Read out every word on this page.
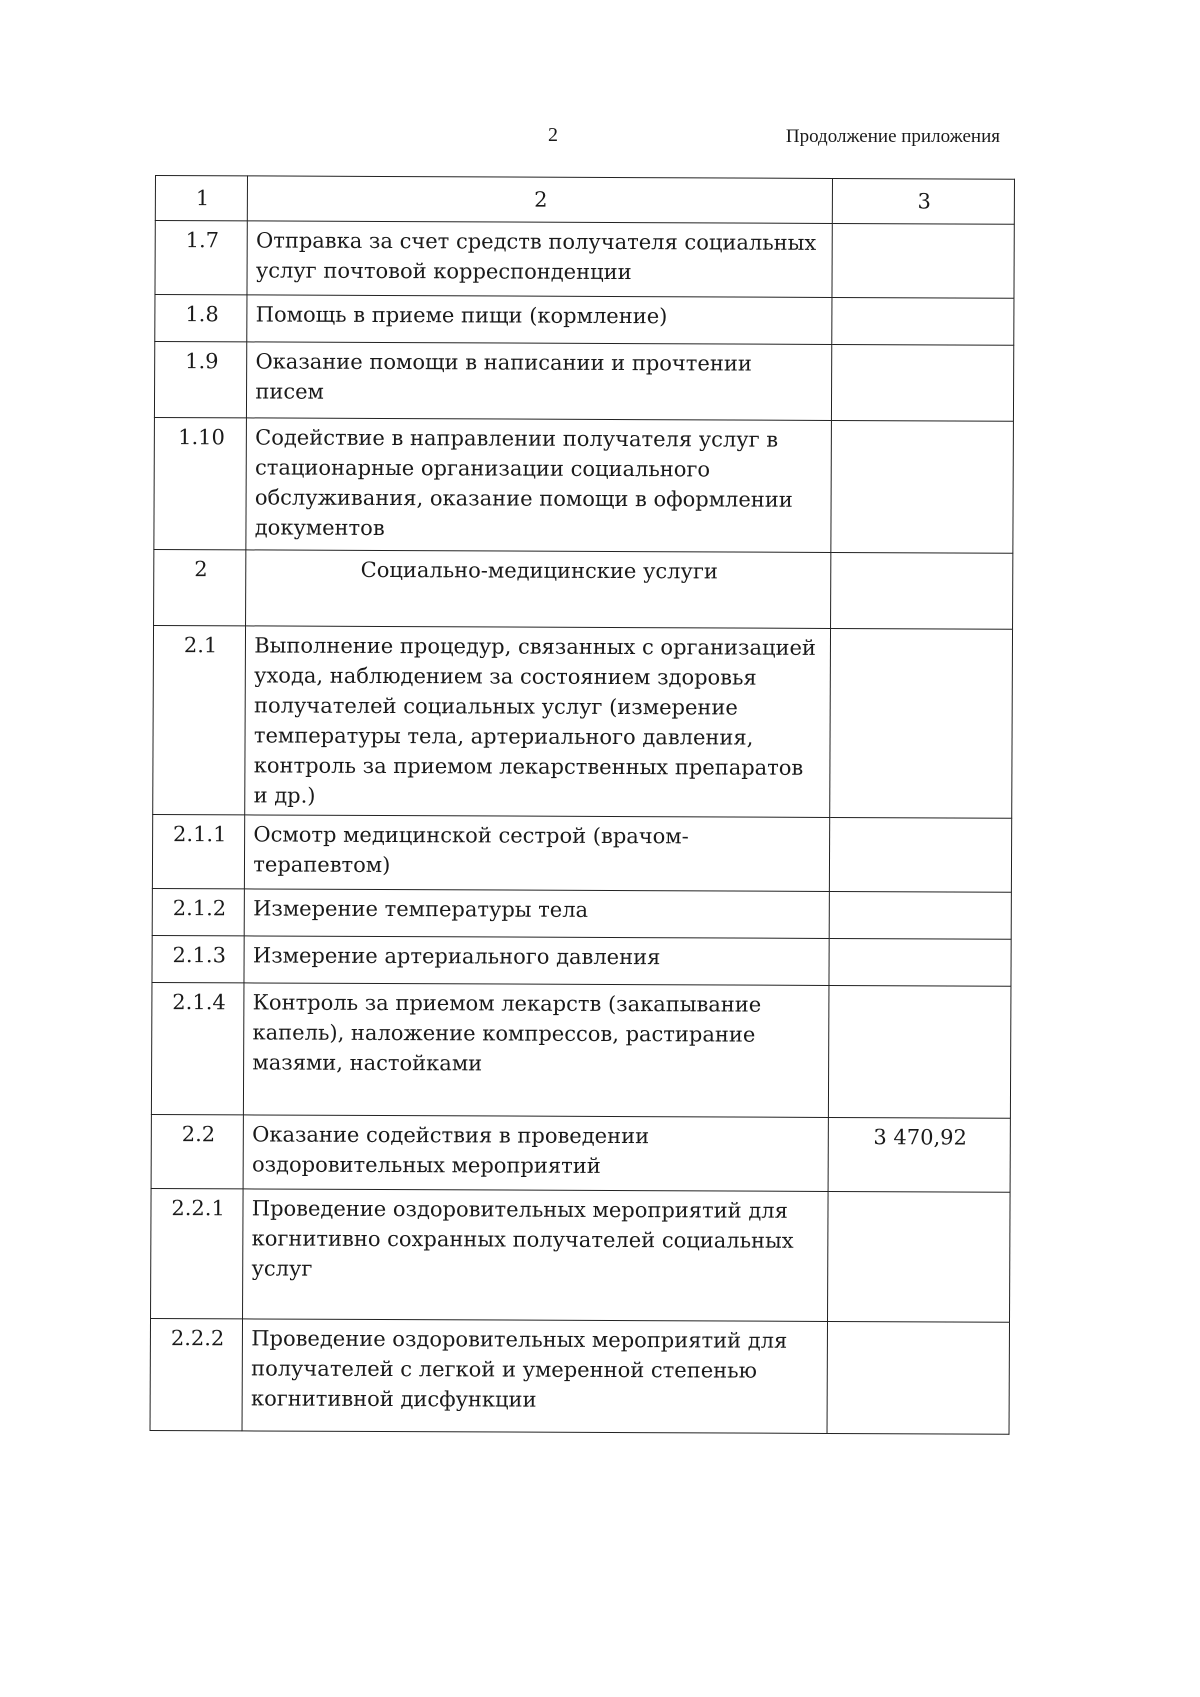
2	Продолжение приложения
1	2	3
1.7	Отправка за счет средств получателя социальных услуг почтовой корреспонденции	
1.8	Помощь в приеме пищи (кормление)	
1.9	Оказание помощи в написании и прочтении писем	
1.10	Содействие в направлении получателя услуг в стационарные организации социального обслуживания, оказание помощи в оформлении документов	
2	Социально-медицинские услуги	
2.1	Выполнение процедур, связанных с организацией ухода, наблюдением за состоянием здоровья получателей социальных услуг (измерение температуры тела, артериального давления, контроль за приемом лекарственных препаратов и др.)	
2.1.1	Осмотр медицинской сестрой (врачом-терапевтом)	
2.1.2	Измерение температуры тела	
2.1.3	Измерение артериального давления	
2.1.4	Контроль за приемом лекарств (закапывание капель), наложение компрессов, растирание мазями, настойками	
2.2	Оказание содействия в проведении оздоровительных мероприятий	3 470,92
2.2.1	Проведение оздоровительных мероприятий для когнитивно сохранных получателей социальных услуг	
2.2.2	Проведение оздоровительных мероприятий для получателей с легкой и умеренной степенью когнитивной дисфункции	
